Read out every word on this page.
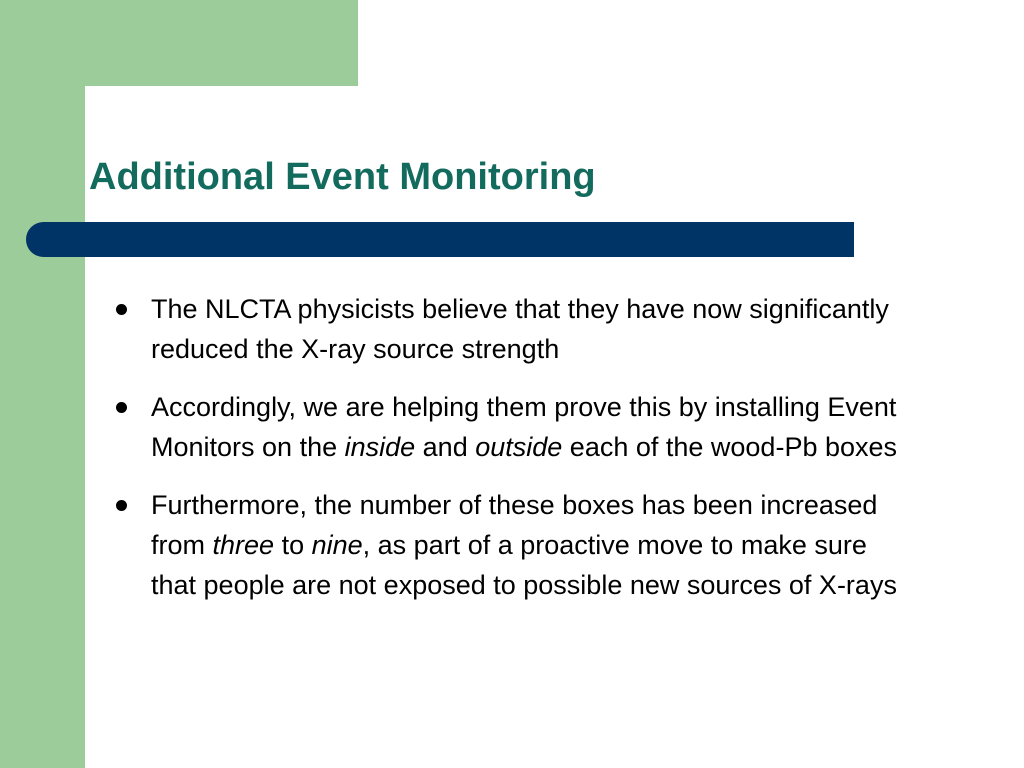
Additional Event Monitoring
The NLCTA physicists believe that they have now significantly reduced the X-ray source strength
Accordingly, we are helping them prove this by installing Event Monitors on the inside and outside each of the wood-Pb boxes
Furthermore, the number of these boxes has been increased from three to nine, as part of a proactive move to make sure that people are not exposed to possible new sources of X-rays
